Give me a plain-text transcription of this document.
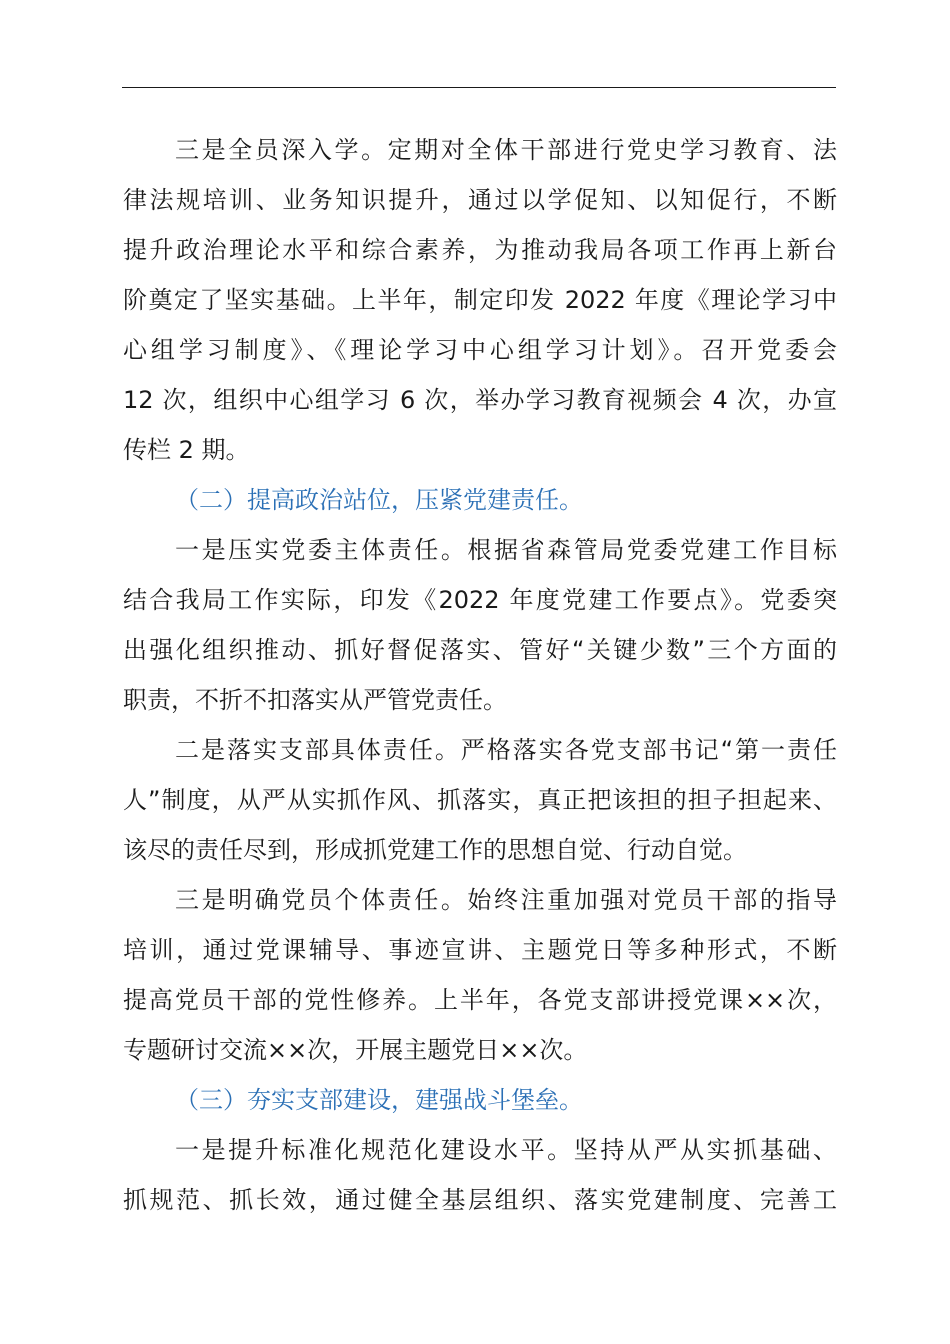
三是全员深入学。定期对全体干部进行党史学习教育、法
律法规培训、业务知识提升，通过以学促知、以知促行，不断
提升政治理论水平和综合素养，为推动我局各项工作再上新台
阶奠定了坚实基础。上半年，制定印发 2022 年度《理论学习中
心组学习制度》、《理论学习中心组学习计划》。召开党委会
12 次，组织中心组学习 6 次，举办学习教育视频会 4 次，办宣
传栏 2 期。
（二）提高政治站位，压紧党建责任。
一是压实党委主体责任。根据省森管局党委党建工作目标
结合我局工作实际，印发《2022 年度党建工作要点》。党委突
出强化组织推动、抓好督促落实、管好“关键少数”三个方面的
职责，不折不扣落实从严管党责任。
二是落实支部具体责任。严格落实各党支部书记“第一责任
人”制度，从严从实抓作风、抓落实，真正把该担的担子担起来、
该尽的责任尽到，形成抓党建工作的思想自觉、行动自觉。
三是明确党员个体责任。始终注重加强对党员干部的指导
培训，通过党课辅导、事迹宣讲、主题党日等多种形式，不断
提高党员干部的党性修养。上半年，各党支部讲授党课××次，
专题研讨交流××次，开展主题党日××次。
（三）夯实支部建设，建强战斗堡垒。
一是提升标准化规范化建设水平。坚持从严从实抓基础、
抓规范、抓长效，通过健全基层组织、落实党建制度、完善工
